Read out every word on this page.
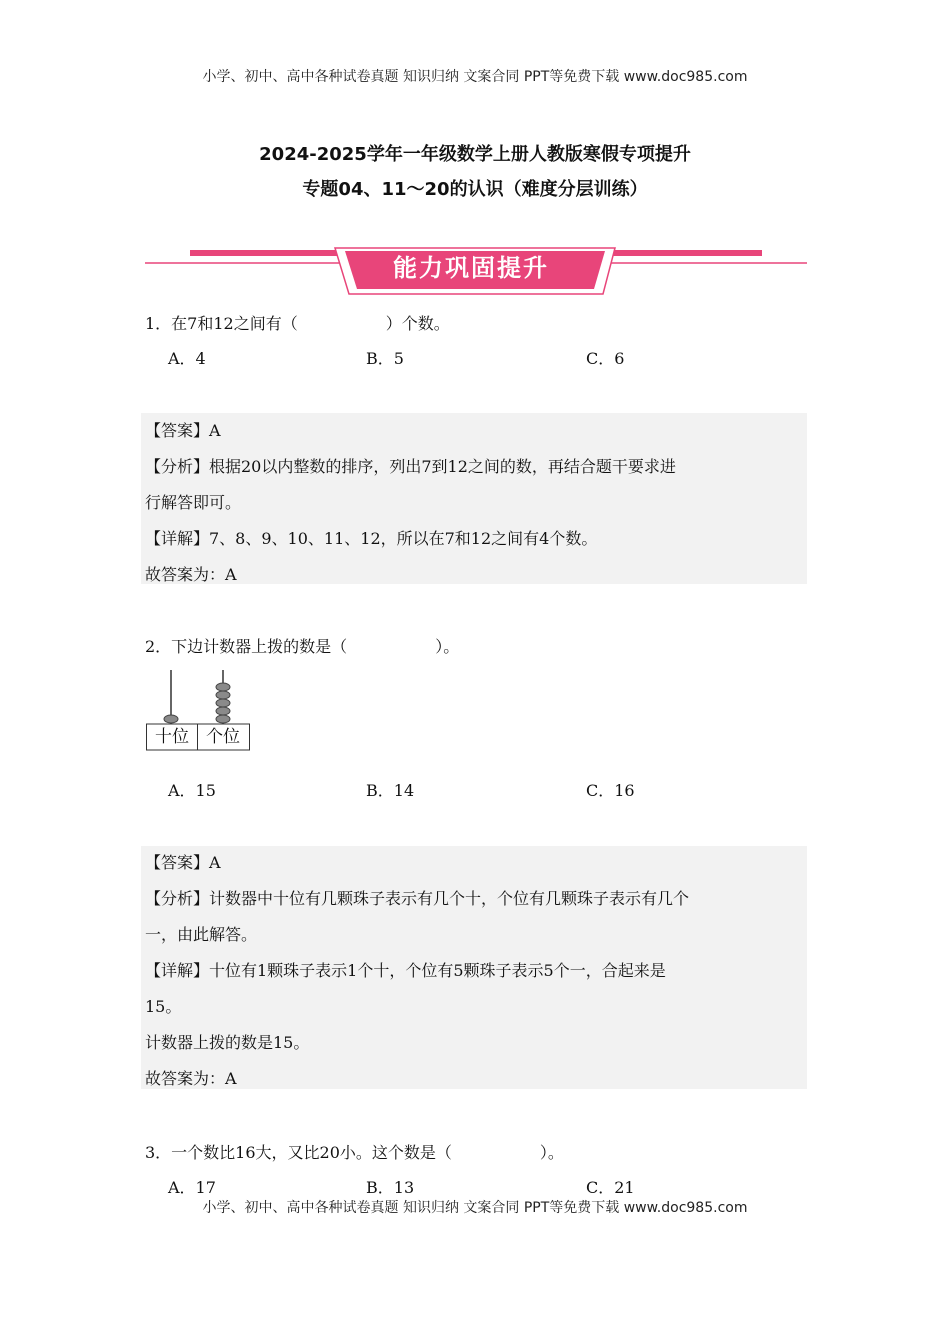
小学、初中、高中各种试卷真题 知识归纳 文案合同 PPT等免费下载 www.doc985.com
2024-2025学年一年级数学上册人教版寒假专项提升
专题04、11～20的认识（难度分层训练）
能力巩固提升
1．在7和12之间有（	）个数。
A．4	B．5	C．6
【答案】A
【分析】根据20以内整数的排序，列出7到12之间的数，再结合题干要求进
行解答即可。
【详解】7、8、9、10、11、12，所以在7和12之间有4个数。
故答案为：A
2．下边计数器上拨的数是（	）。
十位	个位
A．15	B．14	C．16
【答案】A
【分析】计数器中十位有几颗珠子表示有几个十，个位有几颗珠子表示有几个
一，由此解答。
【详解】十位有1颗珠子表示1个十，个位有5颗珠子表示5个一，合起来是
15。
计数器上拨的数是15。
故答案为：A
3．一个数比16大，又比20小。这个数是（	）。
A．17	B．13	C．21
小学、初中、高中各种试卷真题 知识归纳 文案合同 PPT等免费下载 www.doc985.com
